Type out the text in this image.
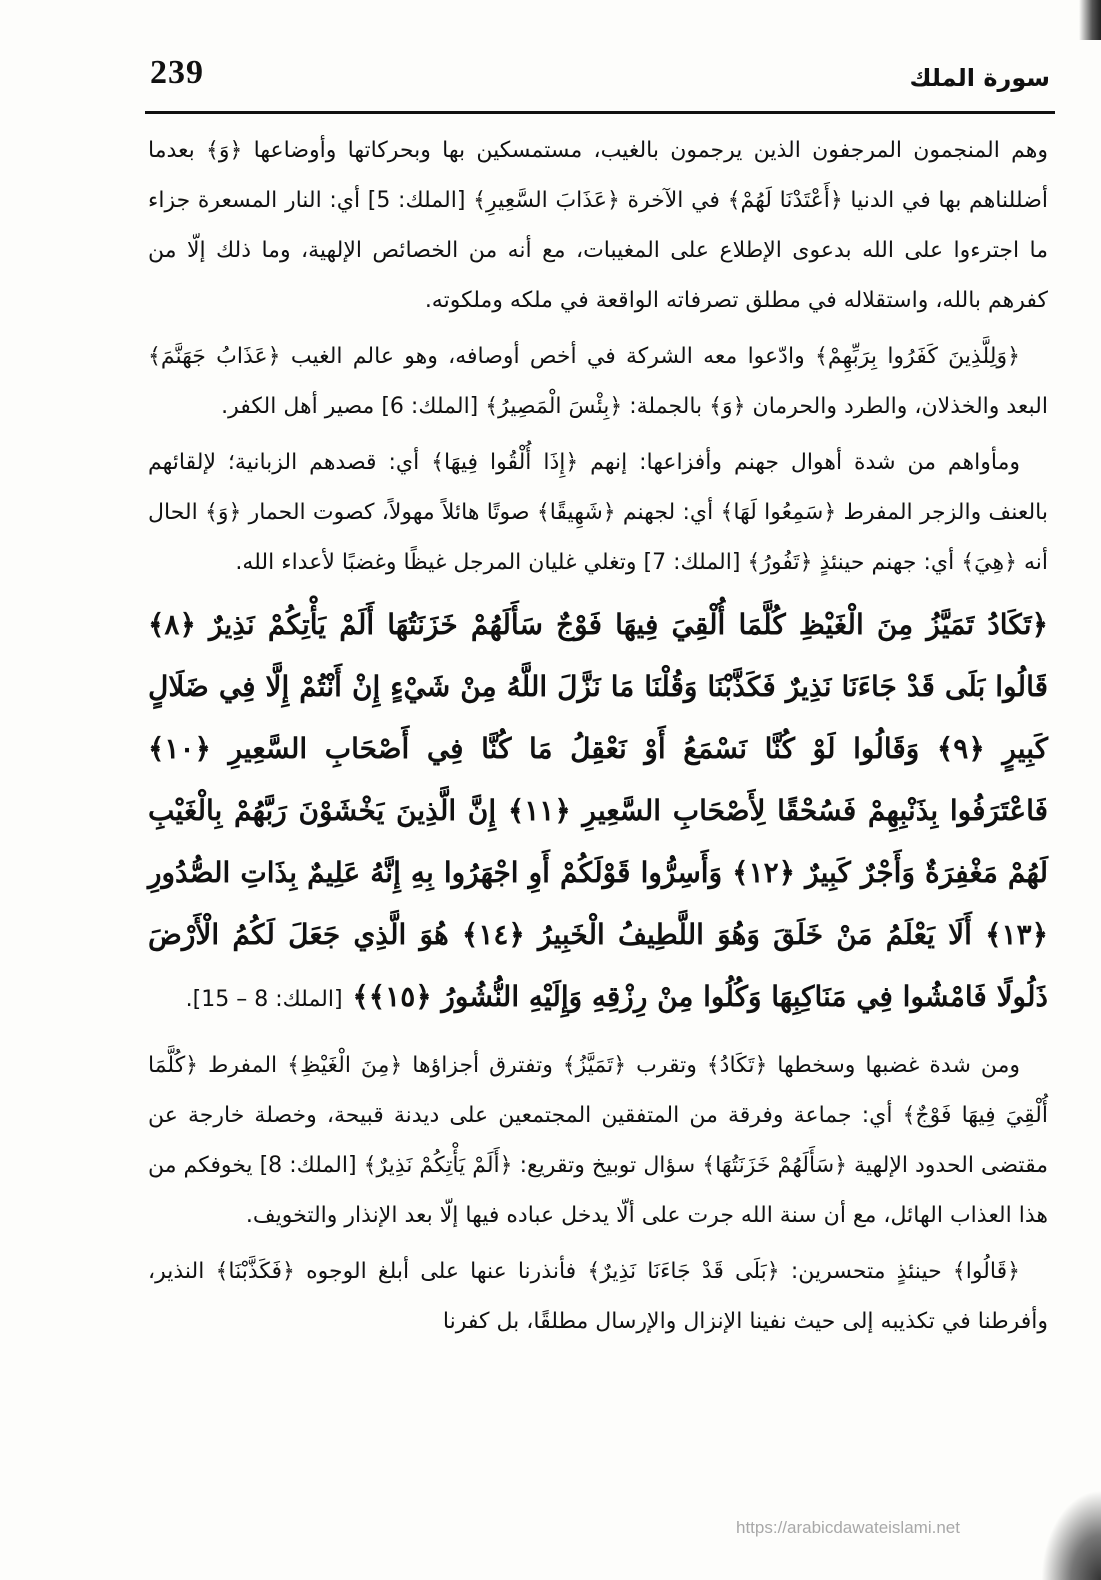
239	سورة الملك

وهم المنجمون المرجفون الذين يرجمون بالغيب، مستمسكين بها وبحركاتها وأوضاعها ﴿وَ﴾ بعدما أضللناهم بها في الدنيا ﴿أَعْتَدْنَا لَهُمْ﴾ في الآخرة ﴿عَذَابَ السَّعِيرِ﴾ [الملك: 5] أي: النار المسعرة جزاء ما اجترءوا على الله بدعوى الإطلاع على المغيبات، مع أنه من الخصائص الإلهية، وما ذلك إلّا من كفرهم بالله، واستقلاله في مطلق تصرفاته الواقعة في ملكه وملكوته.

﴿وَلِلَّذِينَ كَفَرُوا بِرَبِّهِمْ﴾ وادّعوا معه الشركة في أخص أوصافه، وهو عالم الغيب ﴿عَذَابُ جَهَنَّمَ﴾ البعد والخذلان، والطرد والحرمان ﴿وَ﴾ بالجملة: ﴿بِئْسَ الْمَصِيرُ﴾ [الملك: 6] مصير أهل الكفر.

ومأواهم من شدة أهوال جهنم وأفزاعها: إنهم ﴿إِذَا أُلْقُوا فِيهَا﴾ أي: قصدهم الزبانية؛ لإلقائهم بالعنف والزجر المفرط ﴿سَمِعُوا لَهَا﴾ أي: لجهنم ﴿شَهِيقًا﴾ صوتًا هائلاً مهولاً، كصوت الحمار ﴿وَ﴾ الحال أنه ﴿هِيَ﴾ أي: جهنم حينئذٍ ﴿تَفُورُ﴾ [الملك: 7] وتغلي غليان المرجل غيظًا وغضبًا لأعداء الله.

﴿تَكَادُ تَمَيَّزُ مِنَ الْغَيْظِ كُلَّمَا أُلْقِيَ فِيهَا فَوْجٌ سَأَلَهُمْ خَزَنَتُهَا أَلَمْ يَأْتِكُمْ نَذِيرٌ ﴿٨﴾ قَالُوا بَلَى قَدْ جَاءَنَا نَذِيرٌ فَكَذَّبْنَا وَقُلْنَا مَا نَزَّلَ اللَّهُ مِنْ شَيْءٍ إِنْ أَنْتُمْ إِلَّا فِي ضَلَالٍ كَبِيرٍ ﴿٩﴾ وَقَالُوا لَوْ كُنَّا نَسْمَعُ أَوْ نَعْقِلُ مَا كُنَّا فِي أَصْحَابِ السَّعِيرِ ﴿١٠﴾ فَاعْتَرَفُوا بِذَنْبِهِمْ فَسُحْقًا لِأَصْحَابِ السَّعِيرِ ﴿١١﴾ إِنَّ الَّذِينَ يَخْشَوْنَ رَبَّهُمْ بِالْغَيْبِ لَهُمْ مَغْفِرَةٌ وَأَجْرٌ كَبِيرٌ ﴿١٢﴾ وَأَسِرُّوا قَوْلَكُمْ أَوِ اجْهَرُوا بِهِ إِنَّهُ عَلِيمٌ بِذَاتِ الصُّدُورِ ﴿١٣﴾ أَلَا يَعْلَمُ مَنْ خَلَقَ وَهُوَ اللَّطِيفُ الْخَبِيرُ ﴿١٤﴾ هُوَ الَّذِي جَعَلَ لَكُمُ الْأَرْضَ ذَلُولًا فَامْشُوا فِي مَنَاكِبِهَا وَكُلُوا مِنْ رِزْقِهِ وَإِلَيْهِ النُّشُورُ ﴿١٥﴾﴾ [الملك: 8 – 15].

ومن شدة غضبها وسخطها ﴿تَكَادُ﴾ وتقرب ﴿تَمَيَّزُ﴾ وتفترق أجزاؤها ﴿مِنَ الْغَيْظِ﴾ المفرط ﴿كُلَّمَا أُلْقِيَ فِيهَا فَوْجٌ﴾ أي: جماعة وفرقة من المتفقين المجتمعين على ديدنة قبيحة، وخصلة خارجة عن مقتضى الحدود الإلهية ﴿سَأَلَهُمْ خَزَنَتُهَا﴾ سؤال توبيخ وتقريع: ﴿أَلَمْ يَأْتِكُمْ نَذِيرٌ﴾ [الملك: 8] يخوفكم من هذا العذاب الهائل، مع أن سنة الله جرت على ألّا يدخل عباده فيها إلّا بعد الإنذار والتخويف.

﴿قَالُوا﴾ حينئذٍ متحسرين: ﴿بَلَى قَدْ جَاءَنَا نَذِيرٌ﴾ فأنذرنا عنها على أبلغ الوجوه ﴿فَكَذَّبْنَا﴾ النذير، وأفرطنا في تكذيبه إلى حيث نفينا الإنزال والإرسال مطلقًا، بل كفرنا

https://arabicdawateislami.net
